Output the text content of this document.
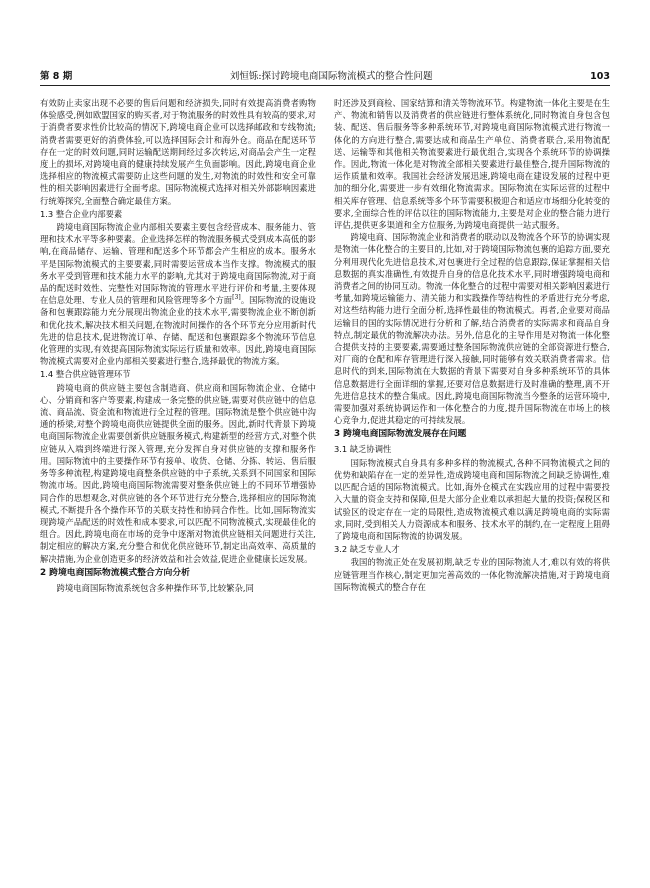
第 8 期	刘恒铄:探讨跨境电商国际物流模式的整合性问题	103

有效防止卖家出现不必要的售后问题和经济损失,同时有效提高消费者购物体验感受,例如欧盟国家的购买者,对于物流服务的时效性具有较高的要求,对于消费者要求性价比较高的情况下,跨境电商企业可以选择邮政和专线物流;消费者需要更好的消费体验,可以选择国际会计和海外仓。商品在配送环节存在一定的时效问题,同时运输配送期间经过多次转运,对商品会产生一定程度上的损坏,对跨境电商的健康持续发展产生负面影响。因此,跨境电商企业选择相应的物流模式需要防止这些问题的发生,对物流的时效性和安全可靠性的相关影响因素进行全面考虑。国际物流模式选择对相关外部影响因素进行统筹探究,全面整合确定最佳方案。

1.3 整合企业内部要素

跨境电商国际物流企业内部相关要素主要包含经营成本、服务能力、管理和技术水平等多种要素。企业选择怎样的物流服务模式受到成本高低的影响,在商品储存、运输、管理和配送多个环节都会产生相应的成本。服务水平是国际物流模式的主要要素,同时需要运营成本当作支撑。物流模式的服务水平受到管理和技术能力水平的影响,尤其对于跨境电商国际物流,对于商品的配送时效性、完整性对国际物流的管理水平进行评价和考量,主要体现在信息处理、专业人员的管理和风险管理等多个方面[3]。国际物流的设施设备和包裹跟踪能力充分展现出物流企业的技术水平,需要物流企业不断创新和优化技术,解决技术相关问题,在物流时间操作的各个环节充分应用新时代先进的信息技术,促进物流订单、存储、配送和包裹跟踪多个物流环节信息化管理的实现,有效提高国际物流实际运行质量和效率。因此,跨境电商国际物流模式需要对企业内部相关要素进行整合,选择最优的物流方案。

1.4 整合供应链管理环节

跨境电商的供应链主要包含制造商、供应商和国际物流企业、仓储中心、分销商和客户等要素,构建成一条完整的供应链,需要对供应链中的信息流、商品流、资金流和物流进行全过程的管理。国际物流是整个供应链中沟通的桥梁,对整个跨境电商供应链提供全面的服务。因此,新时代背景下跨境电商国际物流企业需要创新供应链服务模式,构建新型的经营方式,对整个供应链从入端到终端进行深入管理,充分发挥自身对供应链的支撑和服务作用。国际物流中的主要操作环节有接单、收货、仓储、分拣、转运、售后服务等多种流程,构建跨境电商整条供应链的中子系统,关系到不同国家和国际物流市场。因此,跨境电商国际物流需要对整条供应链上的不同环节增强协同合作的思想观念,对供应链的各个环节进行充分整合,选择相应的国际物流模式,不断提升各个操作环节的关联支持性和协同合作性。比如,国际物流实现跨境产品配送的时效性和成本要求,可以匹配不同物流模式,实现最佳化的组合。因此,跨境电商在市场的竞争中逐渐对物流供应链相关问题进行关注,制定相应的解决方案,充分整合和优化供应链环节,制定出高效率、高质量的解决措施,为企业创造更多的经济效益和社会效益,促进企业健康长远发展。

2 跨境电商国际物流模式整合方向分析

跨境电商国际物流系统包含多种操作环节,比较繁杂,同

时还涉及到商检、国家结算和清关等物流环节。构建物流一体化主要是在生产、物流和销售以及消费者的供应链进行整体系统化,同时物流自身包含包装、配送、售后服务等多种系统环节,对跨境电商国际物流模式进行物流一体化的方向进行整合,需要达成和商品生产单位、消费者联合,采用物流配送、运输等和其他相关物流要素进行最优组合,实现各个系统环节的协调操作。因此,物流一体化是对物流全部相关要素进行最佳整合,提升国际物流的运作质量和效率。我国社会经济发展迅速,跨境电商在建设发展的过程中更加的细分化,需要进一步有效细化物流需求。国际物流在实际运营的过程中相关库存管理、信息系统等多个环节需要积极迎合和适应市场细分化转变的要求,全面综合性的评估以往的国际物流能力,主要是对企业的整合能力进行评估,提供更多渠道和全方位服务,为跨境电商提供一站式服务。

跨境电商、国际物流企业和消费者的联动以及物流各个环节的协调实现是物流一体化整合的主要目的,比如,对于跨境国际物流包裹的追踪方面,要充分利用现代化先进信息技术,对包裹进行全过程的信息跟踪,保证掌握相关信息数据的真实准确性,有效提升自身的信息化技术水平,同时增强跨境电商和消费者之间的协同互动。物流一体化整合的过程中需要对相关影响因素进行考量,如跨境运输能力、清关能力和实践操作等结构性的矛盾进行充分考虑,对这些结构能力进行全面分析,选择性最佳的物流模式。再者,企业要对商品运输目的国的实际情况进行分析和了解,结合消费者的实际需求和商品自身特点,制定最优的物流解决办法。另外,信息化的主导作用是对物流一体化整合提供支持的主要要素,需要通过整条国际物流供应链的全部资源进行整合,对厂商的仓配和库存管理进行深入接触,同时能够有效关联消费者需求。信息时代的到来,国际物流在大数据的背景下需要对自身多种系统环节的具体信息数据进行全面详细的掌握,还要对信息数据进行及时准确的整理,离不开先进信息技术的整合集成。因此,跨境电商国际物流当今整条的运营环境中,需要加强对系统协调运作和一体化整合的力度,提升国际物流在市场上的核心竞争力,促进其稳定的可持续发展。

3 跨境电商国际物流发展存在问题
3.1 缺乏协调性

国际物流模式自身具有多种多样的物流模式,各种不同物流模式之间的优势和缺陷存在一定的差异性,造成跨境电商和国际物流之间缺乏协调性,难以匹配合适的国际物流模式。比如,海外仓模式在实践应用的过程中需要投入大量的资金支持和保障,但是大部分企业难以承担起大量的投资;保税区和试验区的设定存在一定的局限性,造成物流模式难以满足跨境电商的实际需求,同时,受到相关人力资源成本和服务、技术水平的制约,在一定程度上阻碍了跨境电商和国际物流的协调发展。

3.2 缺乏专业人才

我国的物流正处在发展初期,缺乏专业的国际物流人才,难以有效的将供应链管理当作核心,制定更加完善高效的一体化物流解决措施,对于跨境电商国际物流模式的整合存在
